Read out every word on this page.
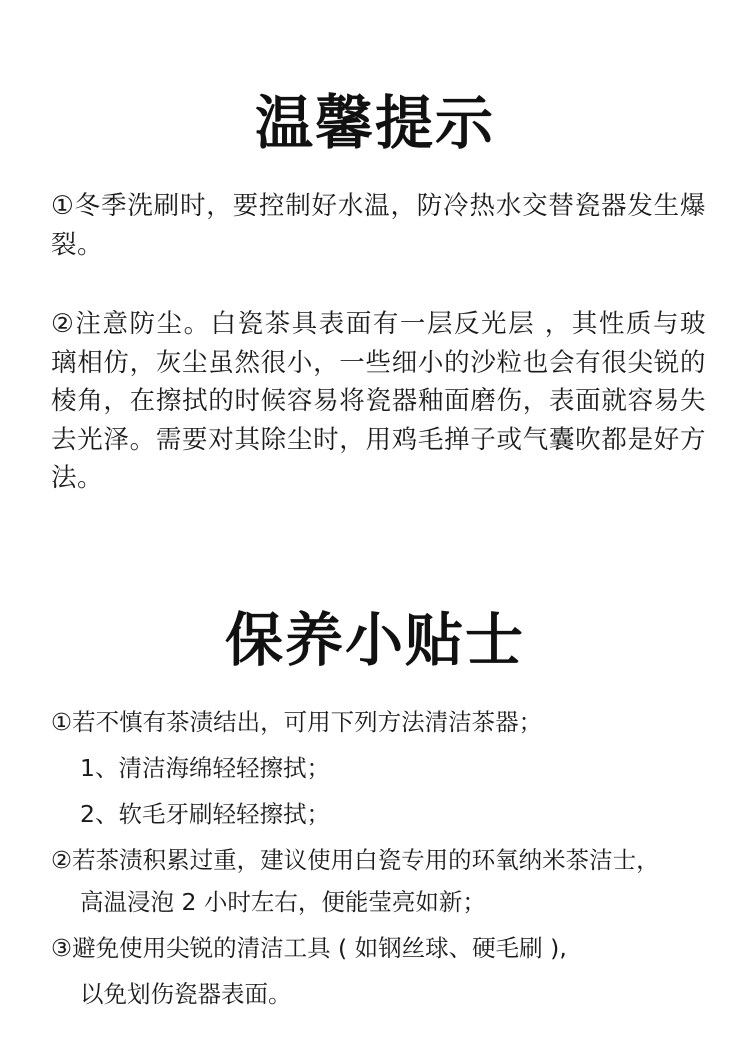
温馨提示

①冬季洗刷时，要控制好水温，防冷热水交替瓷器发生爆裂。

②注意防尘。白瓷茶具表面有一层反光层 ，其性质与玻璃相仿，灰尘虽然很小，一些细小的沙粒也会有很尖锐的棱角，在擦拭的时候容易将瓷器釉面磨伤，表面就容易失去光泽。需要对其除尘时，用鸡毛掸子或气囊吹都是好方法。

保养小贴士

①若不慎有茶渍结出，可用下列方法清洁茶器；

1、清洁海绵轻轻擦拭；

2、软毛牙刷轻轻擦拭；

②若茶渍积累过重，建议使用白瓷专用的环氧纳米茶洁士，

高温浸泡 2 小时左右，便能莹亮如新；

③避免使用尖锐的清洁工具 ( 如钢丝球、硬毛刷 ),

以免划伤瓷器表面。
